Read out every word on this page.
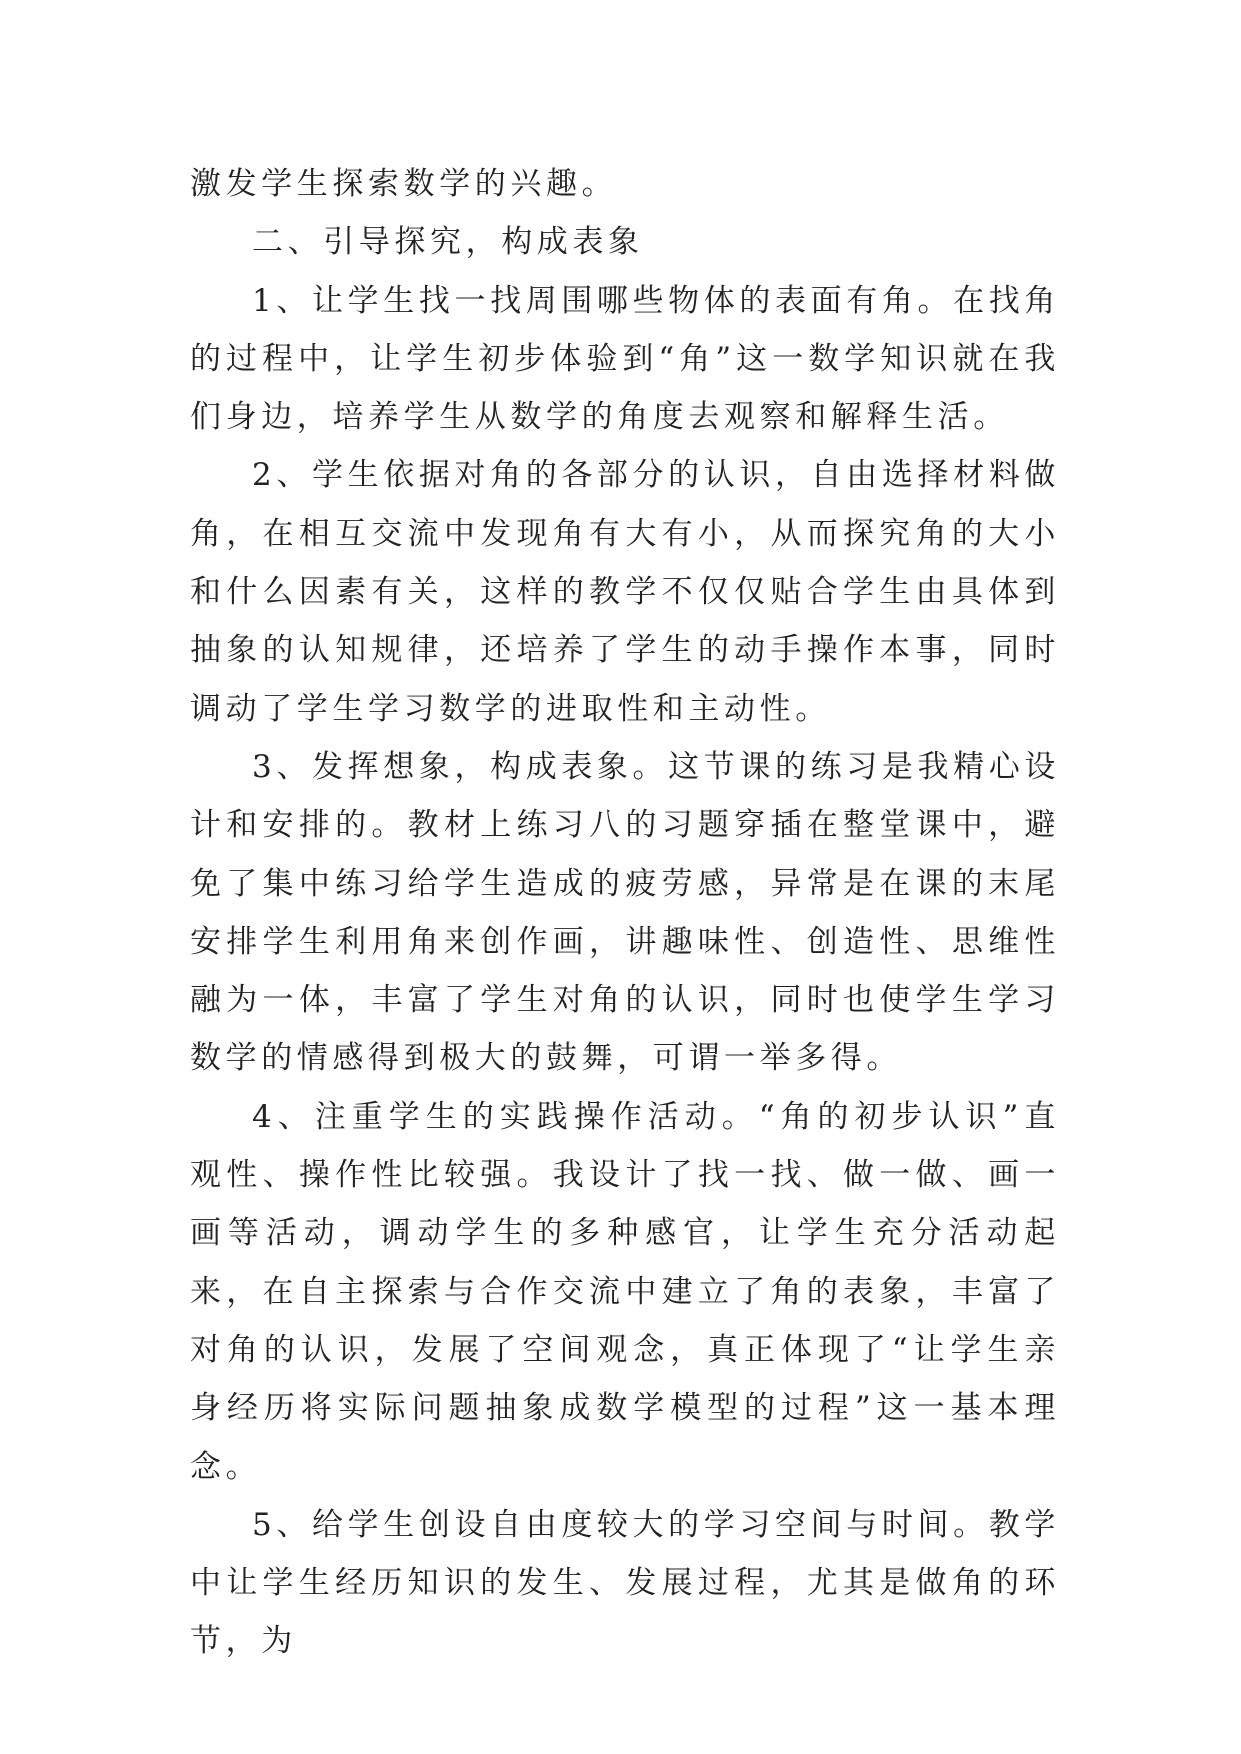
激发学生探索数学的兴趣。

二、引导探究，构成表象

1、让学生找一找周围哪些物体的表面有角。在找角的过程中，让学生初步体验到“角”这一数学知识就在我们身边，培养学生从数学的角度去观察和解释生活。

2、学生依据对角的各部分的认识，自由选择材料做角，在相互交流中发现角有大有小，从而探究角的大小和什么因素有关，这样的教学不仅仅贴合学生由具体到抽象的认知规律，还培养了学生的动手操作本事，同时调动了学生学习数学的进取性和主动性。

3、发挥想象，构成表象。这节课的练习是我精心设计和安排的。教材上练习八的习题穿插在整堂课中，避免了集中练习给学生造成的疲劳感，异常是在课的末尾安排学生利用角来创作画，讲趣味性、创造性、思维性融为一体，丰富了学生对角的认识，同时也使学生学习数学的情感得到极大的鼓舞，可谓一举多得。

4、注重学生的实践操作活动。“角的初步认识”直观性、操作性比较强。我设计了找一找、做一做、画一画等活动，调动学生的多种感官，让学生充分活动起来，在自主探索与合作交流中建立了角的表象，丰富了对角的认识，发展了空间观念，真正体现了“让学生亲身经历将实际问题抽象成数学模型的过程”这一基本理念。

5、给学生创设自由度较大的学习空间与时间。教学中让学生经历知识的发生、发展过程，尤其是做角的环节，为
